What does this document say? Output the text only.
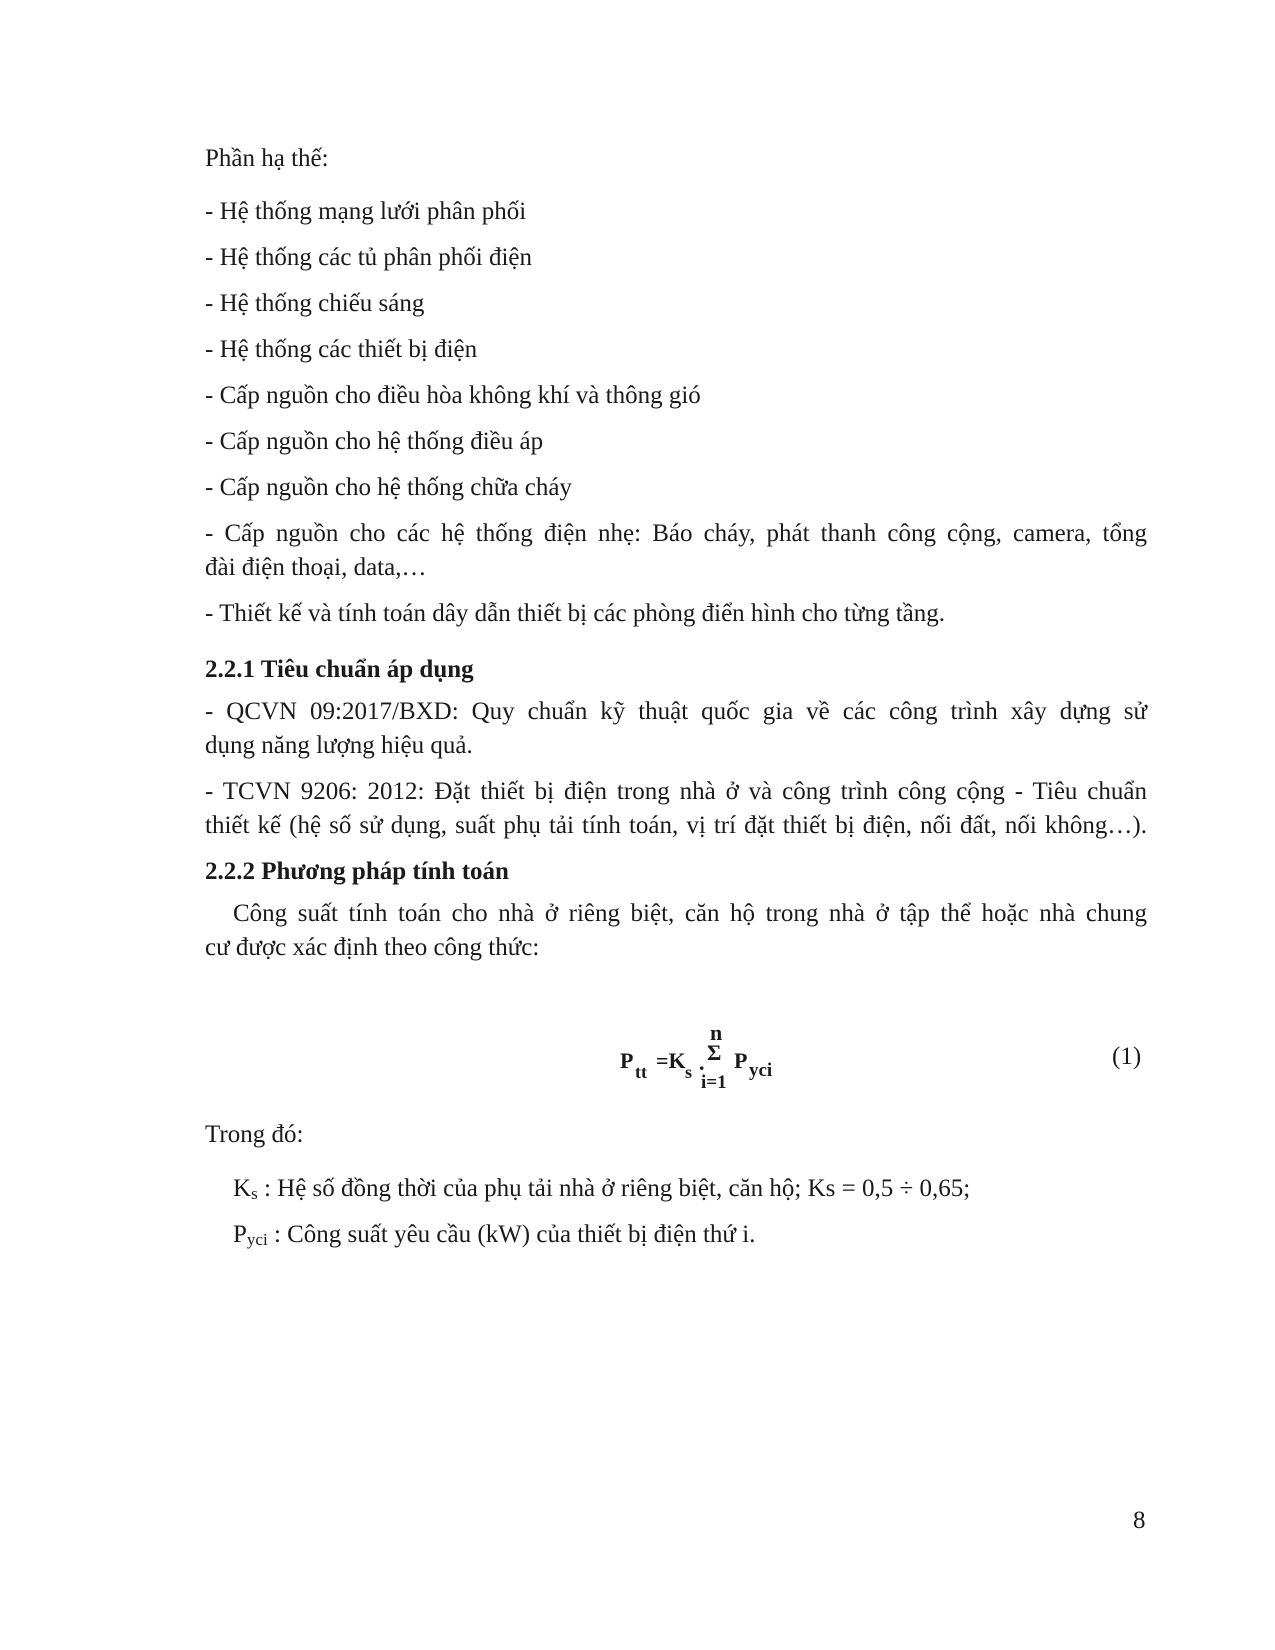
Phần hạ thế:
- Hệ thống mạng lưới phân phối
- Hệ thống các tủ phân phối điện
- Hệ thống chiếu sáng
- Hệ thống các thiết bị điện
- Cấp nguồn cho điều hòa không khí và thông gió
- Cấp nguồn cho hệ thống điều áp
- Cấp nguồn cho hệ thống chữa cháy
- Cấp nguồn cho các hệ thống điện nhẹ: Báo cháy, phát thanh công cộng, camera, tổng
đài điện thoại, data,…
- Thiết kế và tính toán dây dẫn thiết bị các phòng điển hình cho từng tầng.
2.2.1 Tiêu chuẩn áp dụng
- QCVN 09:2017/BXD: Quy chuẩn kỹ thuật quốc gia về các công trình xây dựng sử
dụng năng lượng hiệu quả.
- TCVN 9206: 2012: Đặt thiết bị điện trong nhà ở và công trình công cộng - Tiêu chuẩn
thiết kế (hệ số sử dụng, suất phụ tải tính toán, vị trí đặt thiết bị điện, nối đất, nối không…).
2.2.2 Phương pháp tính toán
Công suất tính toán cho nhà ở riêng biệt, căn hộ trong nhà ở tập thể hoặc nhà chung
cư được xác định theo công thức:
P tt =K s .
n
Σ
i=1
P yci
(1)
Trong đó:
$K_s$ : Hệ số đồng thời của phụ tải nhà ở riêng biệt, căn hộ; Ks = 0,5 ÷ 0,65;
$P_{yci}$ : Công suất yêu cầu (kW) của thiết bị điện thứ i.
8
